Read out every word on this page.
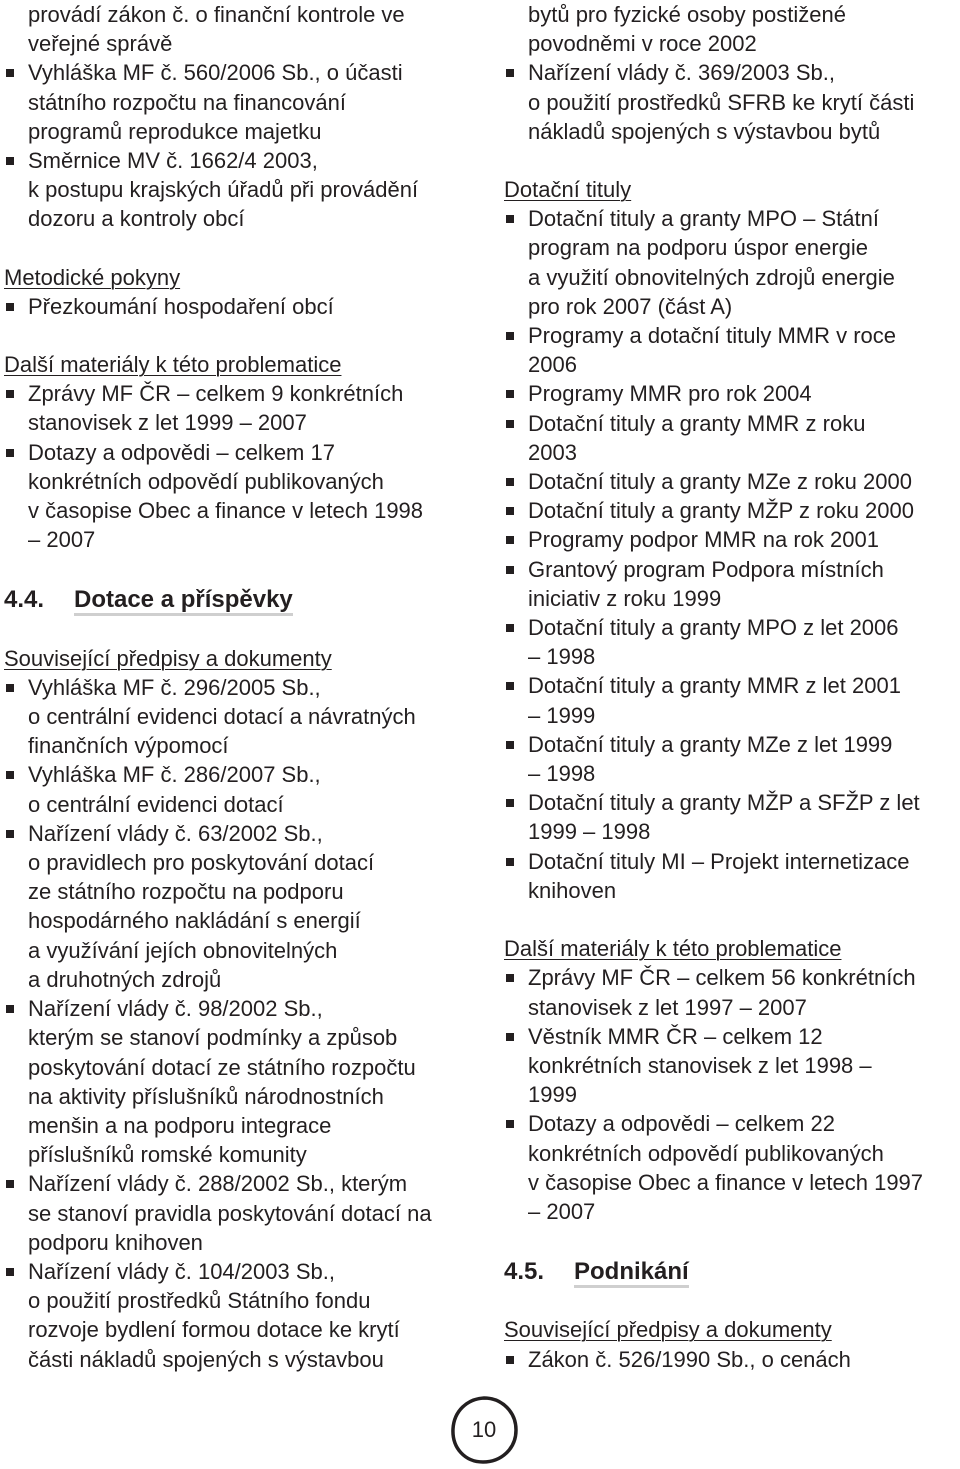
provádí zákon č. o finanční kontrole ve
veřejné správě
Vyhláška MF č. 560/2006 Sb., o účasti
státního rozpočtu na financování
programů reprodukce majetku
Směrnice MV č. 1662/4 2003,
k postupu krajských úřadů při provádění
dozoru a kontroly obcí
Metodické pokyny
Přezkoumání hospodaření obcí
Další materiály k této problematice
Zprávy MF ČR – celkem 9 konkrétních
stanovisek z let 1999 – 2007
Dotazy a odpovědi – celkem 17
konkrétních odpovědí publikovaných
v časopise Obec a finance v letech 1998
– 2007
4.4. Dotace a příspěvky
Související předpisy a dokumenty
Vyhláška MF č. 296/2005 Sb.,
o centrální evidenci dotací a návratných
finančních výpomocí
Vyhláška MF č. 286/2007 Sb.,
o centrální evidenci dotací
Nařízení vlády č. 63/2002 Sb.,
o pravidlech pro poskytování dotací
ze státního rozpočtu na podporu
hospodárného nakládání s energií
a využívání jejích obnovitelných
a druhotných zdrojů
Nařízení vlády č. 98/2002 Sb.,
kterým se stanoví podmínky a způsob
poskytování dotací ze státního rozpočtu
na aktivity příslušníků národnostních
menšin a na podporu integrace
příslušníků romské komunity
Nařízení vlády č. 288/2002 Sb., kterým
se stanoví pravidla poskytování dotací na
podporu knihoven
Nařízení vlády č. 104/2003 Sb.,
o použití prostředků Státního fondu
rozvoje bydlení formou dotace ke krytí
části nákladů spojených s výstavbou
bytů pro fyzické osoby postižené
povodněmi v roce 2002
Nařízení vlády č. 369/2003 Sb.,
o použití prostředků SFRB ke krytí části
nákladů spojených s výstavbou bytů
Dotační tituly
Dotační tituly a granty MPO – Státní
program na podporu úspor energie
a využití obnovitelných zdrojů energie
pro rok 2007 (část A)
Programy a dotační tituly MMR v roce
2006
Programy MMR pro rok 2004
Dotační tituly a granty MMR z roku
2003
Dotační tituly a granty MZe z roku 2000
Dotační tituly a granty MŽP z roku 2000
Programy podpor MMR na rok 2001
Grantový program Podpora místních
iniciativ z roku 1999
Dotační tituly a granty MPO z let 2006
– 1998
Dotační tituly a granty MMR z let 2001
– 1999
Dotační tituly a granty MZe z let 1999
– 1998
Dotační tituly a granty MŽP a SFŽP z let
1999 – 1998
Dotační tituly MI – Projekt internetizace
knihoven
Další materiály k této problematice
Zprávy MF ČR – celkem 56 konkrétních
stanovisek z let 1997 – 2007
Věstník MMR ČR – celkem 12
konkrétních stanovisek z let 1998 –
1999
Dotazy a odpovědi – celkem 22
konkrétních odpovědí publikovaných
v časopise Obec a finance v letech 1997
– 2007
4.5. Podnikání
Související předpisy a dokumenty
Zákon č. 526/1990 Sb., o cenách
10
